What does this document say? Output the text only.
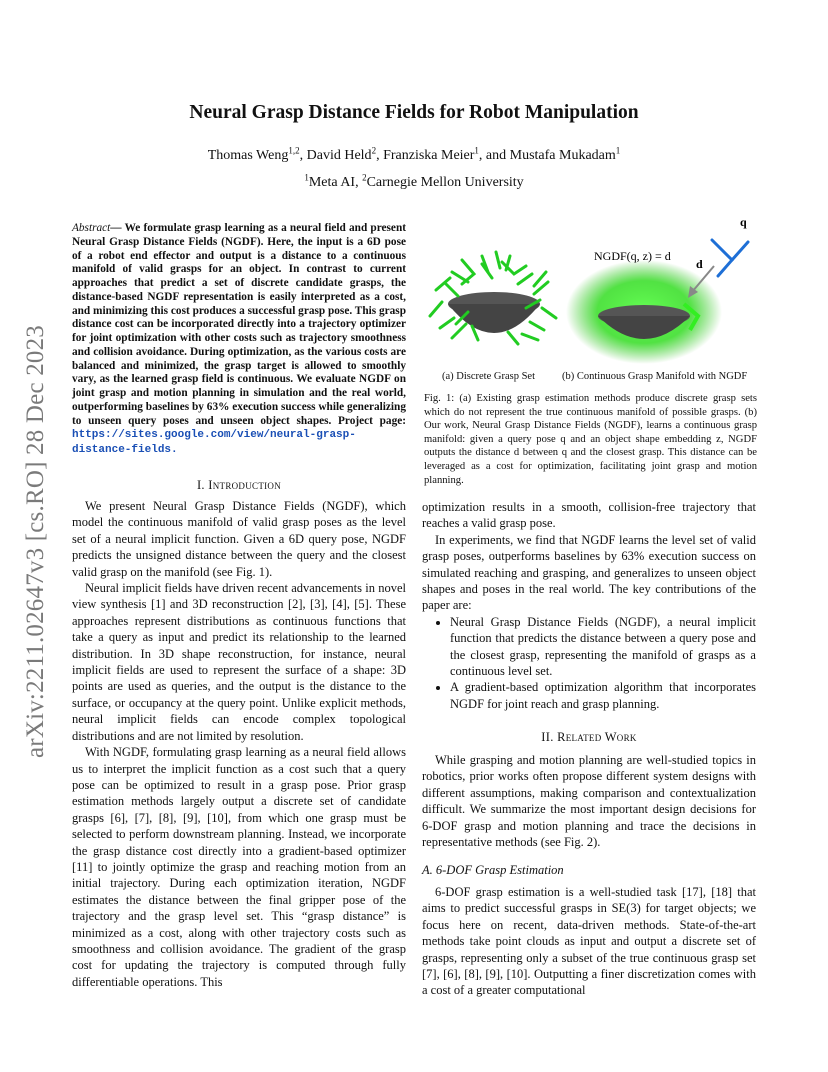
Neural Grasp Distance Fields for Robot Manipulation
Thomas Weng$^{1,2}$, David Held$^2$, Franziska Meier$^1$, and Mustafa Mukadam$^1$
$^1$Meta AI, $^2$Carnegie Mellon University
arXiv:2211.02647v3 [cs.RO] 28 Dec 2023
Abstract— We formulate grasp learning as a neural field and present Neural Grasp Distance Fields (NGDF). Here, the input is a 6D pose of a robot end effector and output is a distance to a continuous manifold of valid grasps for an object. In contrast to current approaches that predict a set of discrete candidate grasps, the distance-based NGDF representation is easily interpreted as a cost, and minimizing this cost produces a successful grasp pose. This grasp distance cost can be incorporated directly into a trajectory optimizer for joint optimization with other costs such as trajectory smoothness and collision avoidance. During optimization, as the various costs are balanced and minimized, the grasp target is allowed to smoothly vary, as the learned grasp field is continuous. We evaluate NGDF on joint grasp and motion planning in simulation and the real world, outperforming baselines by 63% execution success while generalizing to unseen query poses and unseen object shapes. Project page: https://sites.google.com/view/neural-grasp-distance-fields.
I. Introduction

We present Neural Grasp Distance Fields (NGDF), which model the continuous manifold of valid grasp poses as the level set of a neural implicit function. Given a 6D query pose, NGDF predicts the unsigned distance between the query and the closest valid grasp on the manifold (see Fig. 1).

Neural implicit fields have driven recent advancements in novel view synthesis [1] and 3D reconstruction [2], [3], [4], [5]. These approaches represent distributions as continuous functions that take a query as input and predict its relationship to the learned distribution. In 3D shape reconstruction, for instance, neural implicit fields are used to represent the surface of a shape: 3D points are used as queries, and the output is the distance to the surface, or occupancy at the query point. Unlike explicit methods, neural implicit fields can encode complex topological distributions and are not limited by resolution.

With NGDF, formulating grasp learning as a neural field allows us to interpret the implicit function as a cost such that a query pose can be optimized to result in a grasp pose. Prior grasp estimation methods largely output a discrete set of candidate grasps [6], [7], [8], [9], [10], from which one grasp must be selected to perform downstream planning. Instead, we incorporate the grasp distance cost directly into a gradient-based optimizer [11] to jointly optimize the grasp and reaching motion from an initial trajectory. During each optimization iteration, NGDF estimates the distance between the final gripper pose of the trajectory and the grasp level set. This “grasp distance” is minimized as a cost, along with other trajectory costs such as smoothness and collision avoidance. The gradient of the grasp cost for updating the trajectory is computed through fully differentiable operations. This

NGDF(q, z) = d
q
d
(a) Discrete Grasp Set	(b) Continuous Grasp Manifold with NGDF
Fig. 1: (a) Existing grasp estimation methods produce discrete grasp sets which do not represent the true continuous manifold of possible grasps. (b) Our work, Neural Grasp Distance Fields (NGDF), learns a continuous grasp manifold: given a query pose q and an object shape embedding z, NGDF outputs the distance d between q and the closest grasp. This distance can be leveraged as a cost for optimization, facilitating joint grasp and motion planning.

optimization results in a smooth, collision-free trajectory that reaches a valid grasp pose.

In experiments, we find that NGDF learns the level set of valid grasp poses, outperforms baselines by 63% execution success on simulated reaching and grasping, and generalizes to unseen object shapes and poses in the real world. The key contributions of the paper are:

• Neural Grasp Distance Fields (NGDF), a neural implicit function that predicts the distance between a query pose and the closest grasp, representing the manifold of grasps as a continuous level set.
• A gradient-based optimization algorithm that incorporates NGDF for joint reach and grasp planning.
II. Related Work

While grasping and motion planning are well-studied topics in robotics, prior works often propose different system designs with different assumptions, making comparison and contextualization difficult. We summarize the most important design decisions for 6-DOF grasp and motion planning and trace the decisions in representative methods (see Fig. 2).

A. 6-DOF Grasp Estimation

6-DOF grasp estimation is a well-studied task [17], [18] that aims to predict successful grasps in SE(3) for target objects; we focus here on recent, data-driven methods. State-of-the-art methods take point clouds as input and output a discrete set of grasps, representing only a subset of the true continuous grasp set [7], [6], [8], [9], [10]. Outputting a finer discretization comes with a cost of a greater computational
